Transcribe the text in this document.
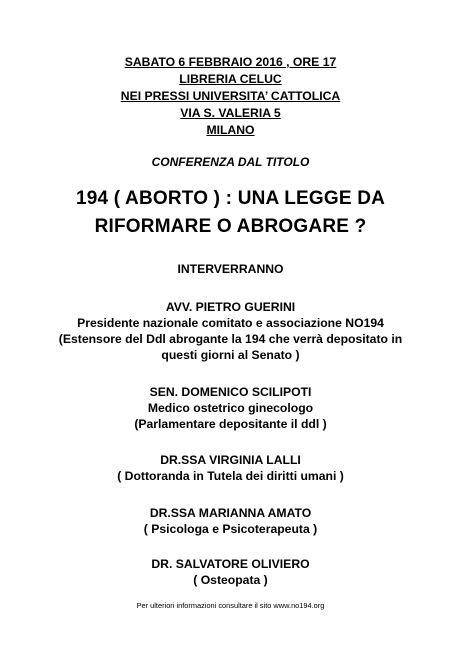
SABATO 6 FEBBRAIO 2016 , ORE 17
LIBRERIA CELUC
NEI PRESSI UNIVERSITA’ CATTOLICA
VIA S. VALERIA 5
MILANO
CONFERENZA DAL TITOLO
194 ( ABORTO ) : UNA LEGGE DA
RIFORMARE O ABROGARE ?
INTERVERRANNO
AVV. PIETRO GUERINI
Presidente nazionale comitato e associazione NO194
(Estensore del Ddl abrogante la 194 che verrà depositato in
questi giorni al Senato )
SEN. DOMENICO SCILIPOTI
Medico ostetrico ginecologo
(Parlamentare depositante il ddl )
DR.SSA VIRGINIA LALLI
( Dottoranda in Tutela dei diritti umani )
DR.SSA MARIANNA AMATO
( Psicologa e Psicoterapeuta )
DR. SALVATORE OLIVIERO
( Osteopata )
Per ulteriori informazioni consultare il sito www.no194.org
